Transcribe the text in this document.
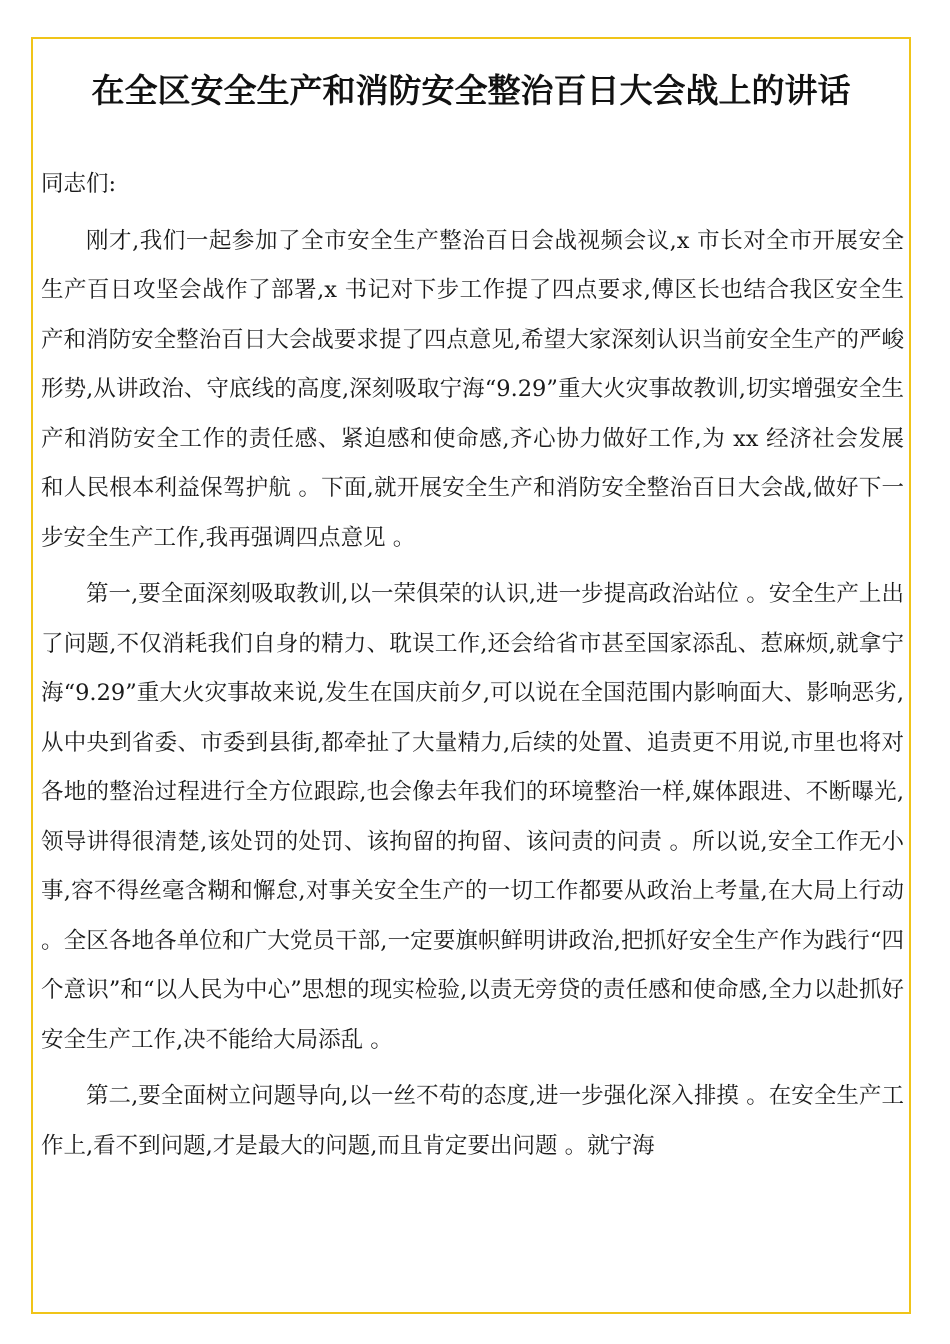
在全区安全生产和消防安全整治百日大会战上的讲话

同志们:

刚才,我们一起参加了全市安全生产整治百日会战视频会议,x 市长对全市开展安全生产百日攻坚会战作了部署,x 书记对下步工作提了四点要求,傅区长也结合我区安全生产和消防安全整治百日大会战要求提了四点意见,希望大家深刻认识当前安全生产的严峻形势,从讲政治、守底线的高度,深刻吸取宁海“9.29”重大火灾事故教训,切实增强安全生产和消防安全工作的责任感、紧迫感和使命感,齐心协力做好工作,为 xx 经济社会发展和人民根本利益保驾护航 。下面,就开展安全生产和消防安全整治百日大会战,做好下一步安全生产工作,我再强调四点意见 。

第一,要全面深刻吸取教训,以一荣俱荣的认识,进一步提高政治站位 。安全生产上出了问题,不仅消耗我们自身的精力、耽误工作,还会给省市甚至国家添乱、惹麻烦,就拿宁海“9.29”重大火灾事故来说,发生在国庆前夕,可以说在全国范围内影响面大、影响恶劣,从中央到省委、市委到县街,都牵扯了大量精力,后续的处置、追责更不用说,市里也将对各地的整治过程进行全方位跟踪,也会像去年我们的环境整治一样,媒体跟进、不断曝光,领导讲得很清楚,该处罚的处罚、该拘留的拘留、该问责的问责 。所以说,安全工作无小事,容不得丝毫含糊和懈怠,对事关安全生产的一切工作都要从政治上考量,在大局上行动 。全区各地各单位和广大党员干部,一定要旗帜鲜明讲政治,把抓好安全生产作为践行“四个意识”和“以人民为中心”思想的现实检验,以责无旁贷的责任感和使命感,全力以赴抓好安全生产工作,决不能给大局添乱 。

第二,要全面树立问题导向,以一丝不苟的态度,进一步强化深入排摸 。在安全生产工作上,看不到问题,才是最大的问题,而且肯定要出问题 。就宁海
